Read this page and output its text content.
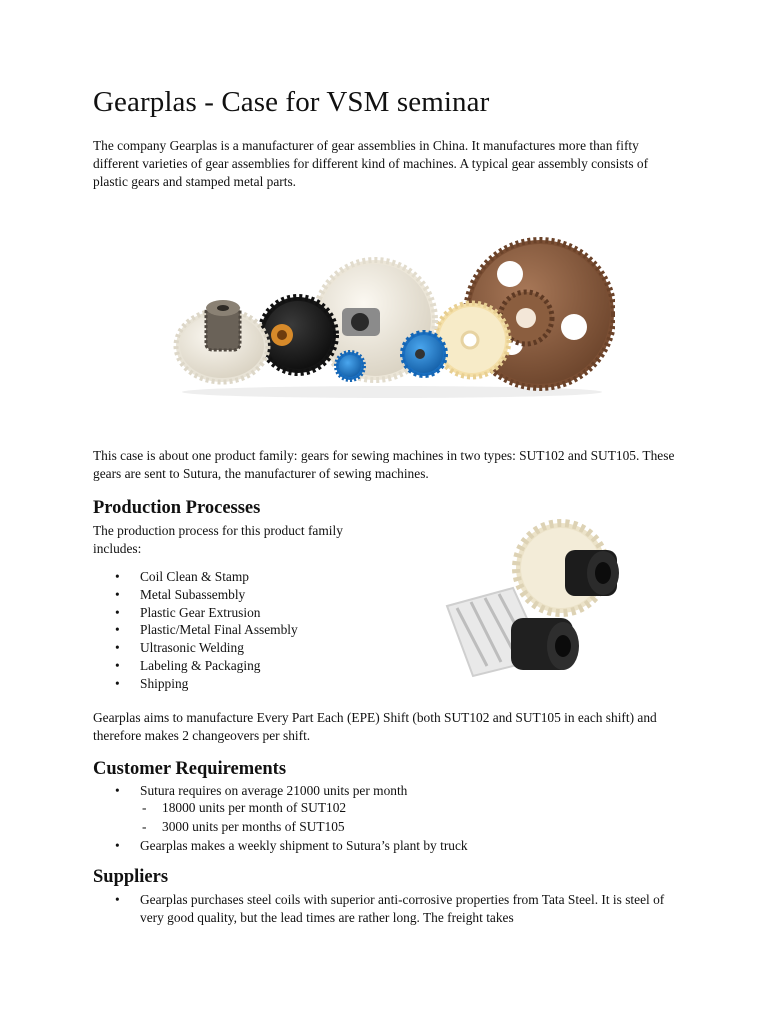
Gearplas - Case for VSM seminar

The company Gearplas is a manufacturer of gear assemblies in China. It manufactures more than fifty different varieties of gear assemblies for different kind of machines. A typical gear assembly consists of plastic gears and stamped metal parts.

This case is about one product family: gears for sewing machines in two types: SUT102 and SUT105. These gears are sent to Sutura, the manufacturer of sewing machines.

Production Processes

The production process for this product family includes:

• Coil Clean & Stamp
• Metal Subassembly
• Plastic Gear Extrusion
• Plastic/Metal Final Assembly
• Ultrasonic Welding
• Labeling & Packaging
• Shipping

Gearplas aims to manufacture Every Part Each (EPE) Shift (both SUT102 and SUT105 in each shift) and therefore makes 2 changeovers per shift.

Customer Requirements
• Sutura requires on average 21000 units per month
- 18000 units per month of SUT102
- 3000 units per months of SUT105
• Gearplas makes a weekly shipment to Sutura’s plant by truck
Suppliers
• Gearplas purchases steel coils with superior anti-corrosive properties from Tata Steel. It is steel of very good quality, but the lead times are rather long. The freight takes
